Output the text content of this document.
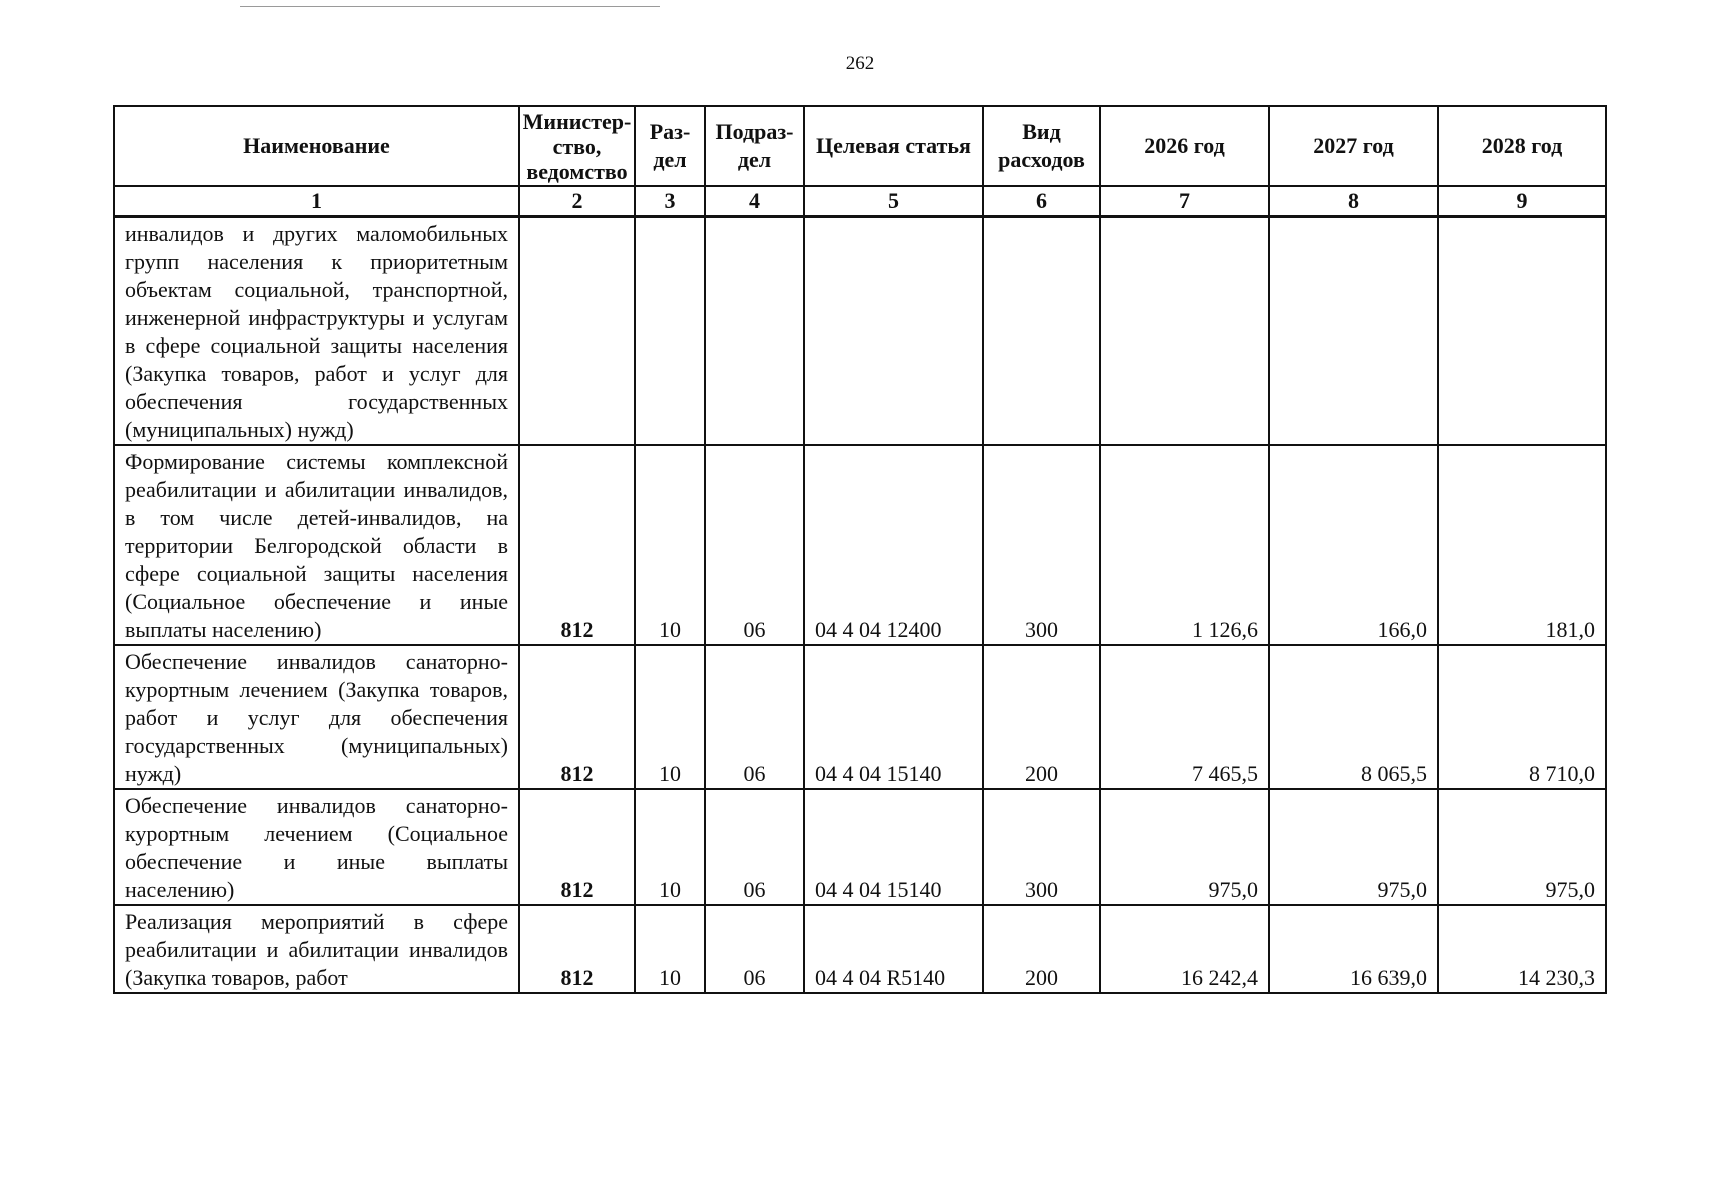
262
Наименование	Министер-ство, ведомство	Раз-дел	Подраз-дел	Целевая статья	Вид расходов	2026 год	2027 год	2028 год
1	2	3	4	5	6	7	8	9
инвалидов и других маломобильных групп населения к приоритетным объектам социальной, транспортной, инженерной инфраструктуры и услугам в сфере социальной защиты населения (Закупка товаров, работ и услуг для обеспечения государственных (муниципальных) нужд)								
Формирование системы комплексной реабилитации и абилитации инвалидов, в том числе детей-инвалидов, на территории Белгородской области в сфере социальной защиты населения (Социальное обеспечение и иные выплаты населению)	812	10	06	04 4 04 12400	300	1 126,6	166,0	181,0
Обеспечение инвалидов санаторно-курортным лечением (Закупка товаров, работ и услуг для обеспечения государственных (муниципальных) нужд)	812	10	06	04 4 04 15140	200	7 465,5	8 065,5	8 710,0
Обеспечение инвалидов санаторно-курортным лечением (Социальное обеспечение и иные выплаты населению)	812	10	06	04 4 04 15140	300	975,0	975,0	975,0
Реализация мероприятий в сфере реабилитации и абилитации инвалидов (Закупка товаров, работ	812	10	06	04 4 04 R5140	200	16 242,4	16 639,0	14 230,3
